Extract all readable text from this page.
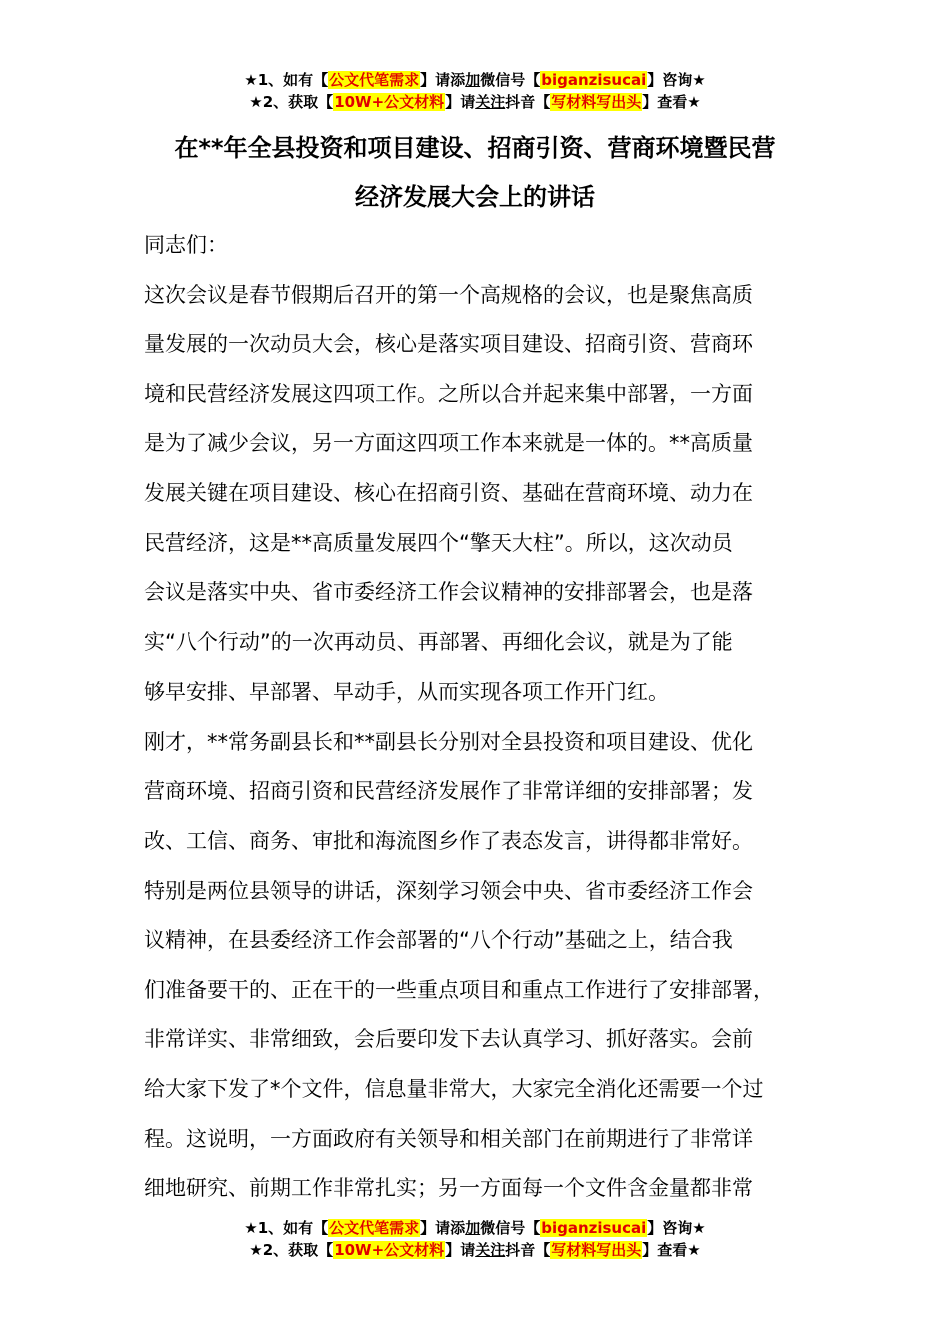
★1、如有【公文代笔需求】请添加微信号【biganzisucai】咨询★
★2、获取【10W+公文材料】请关注抖音【写材料写出头】查看★
在**年全县投资和项目建设、招商引资、营商环境暨民营
经济发展大会上的讲话
同志们：
这次会议是春节假期后召开的第一个高规格的会议，也是聚焦高质
量发展的一次动员大会，核心是落实项目建设、招商引资、营商环
境和民营经济发展这四项工作。之所以合并起来集中部署，一方面
是为了减少会议，另一方面这四项工作本来就是一体的。**高质量
发展关键在项目建设、核心在招商引资、基础在营商环境、动力在
民营经济，这是**高质量发展四个“擎天大柱”。所以，这次动员
会议是落实中央、省市委经济工作会议精神的安排部署会，也是落
实“八个行动”的一次再动员、再部署、再细化会议，就是为了能
够早安排、早部署、早动手，从而实现各项工作开门红。
刚才，**常务副县长和**副县长分别对全县投资和项目建设、优化
营商环境、招商引资和民营经济发展作了非常详细的安排部署；发
改、工信、商务、审批和海流图乡作了表态发言，讲得都非常好。
特别是两位县领导的讲话，深刻学习领会中央、省市委经济工作会
议精神，在县委经济工作会部署的“八个行动”基础之上，结合我
们准备要干的、正在干的一些重点项目和重点工作进行了安排部署，
非常详实、非常细致，会后要印发下去认真学习、抓好落实。会前
给大家下发了*个文件，信息量非常大，大家完全消化还需要一个过
程。这说明，一方面政府有关领导和相关部门在前期进行了非常详
细地研究、前期工作非常扎实；另一方面每一个文件含金量都非常
★1、如有【公文代笔需求】请添加微信号【biganzisucai】咨询★
★2、获取【10W+公文材料】请关注抖音【写材料写出头】查看★
